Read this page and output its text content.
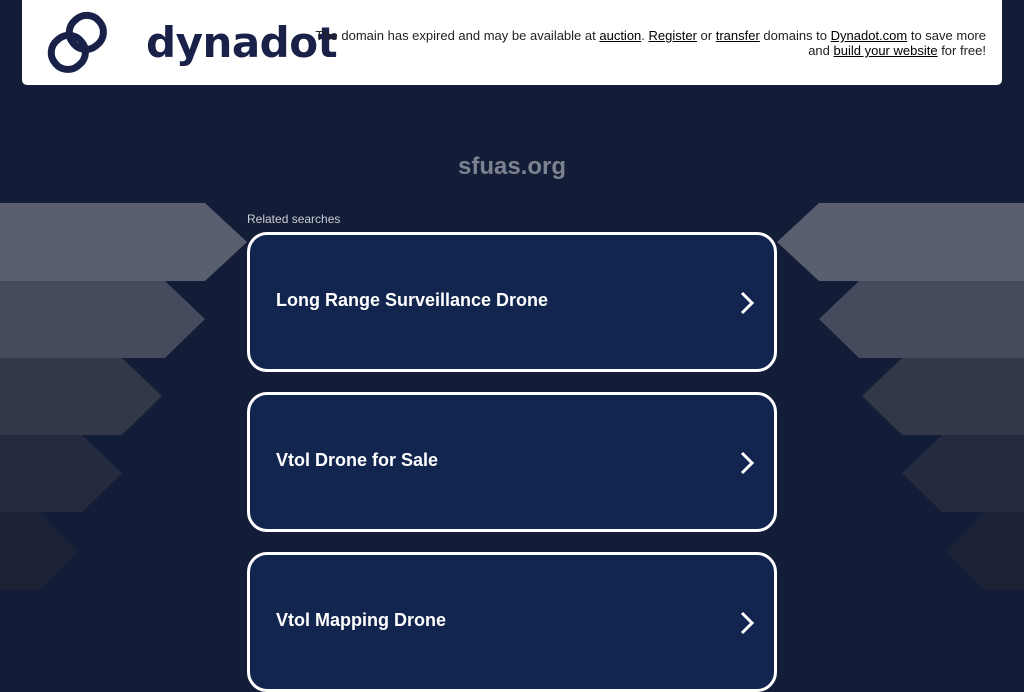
dynadot
The domain has expired and may be available at auction. Register or transfer domains to Dynadot.com to save more and build your website for free!
sfuas.org
Related searches
Long Range Surveillance Drone
Vtol Drone for Sale
Vtol Mapping Drone
